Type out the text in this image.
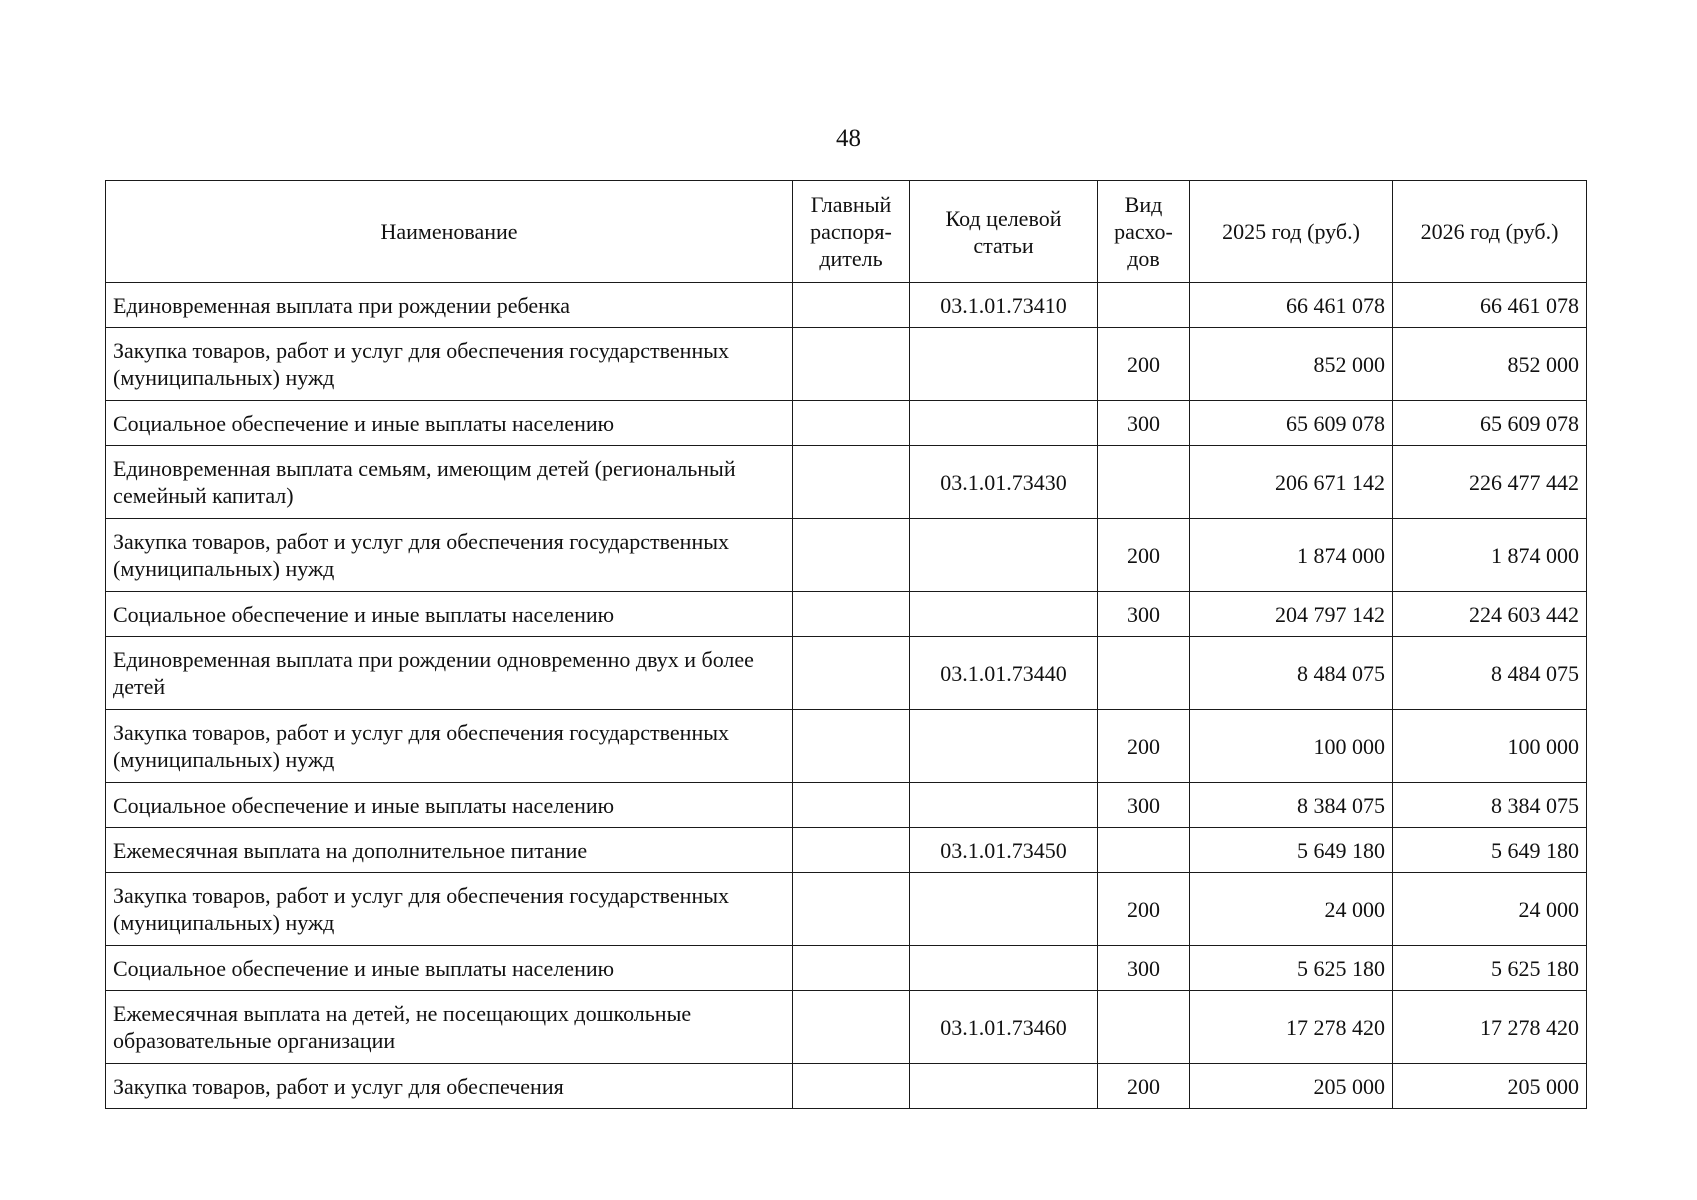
48
Наименование	Главный распоря-дитель	Код целевой статьи	Вид расхо-дов	2025 год (руб.)	2026 год (руб.)
Единовременная выплата при рождении ребенка		03.1.01.73410		66 461 078	66 461 078
Закупка товаров, работ и услуг для обеспечения государственных (муниципальных) нужд			200	852 000	852 000
Социальное обеспечение и иные выплаты населению			300	65 609 078	65 609 078
Единовременная выплата семьям, имеющим детей (региональный семейный капитал)		03.1.01.73430		206 671 142	226 477 442
Закупка товаров, работ и услуг для обеспечения государственных (муниципальных) нужд			200	1 874 000	1 874 000
Социальное обеспечение и иные выплаты населению			300	204 797 142	224 603 442
Единовременная выплата при рождении одновременно двух и более детей		03.1.01.73440		8 484 075	8 484 075
Закупка товаров, работ и услуг для обеспечения государственных (муниципальных) нужд			200	100 000	100 000
Социальное обеспечение и иные выплаты населению			300	8 384 075	8 384 075
Ежемесячная выплата на дополнительное питание		03.1.01.73450		5 649 180	5 649 180
Закупка товаров, работ и услуг для обеспечения государственных (муниципальных) нужд			200	24 000	24 000
Социальное обеспечение и иные выплаты населению			300	5 625 180	5 625 180
Ежемесячная выплата на детей, не посещающих дошкольные образовательные организации		03.1.01.73460		17 278 420	17 278 420
Закупка товаров, работ и услуг для обеспечения			200	205 000	205 000
